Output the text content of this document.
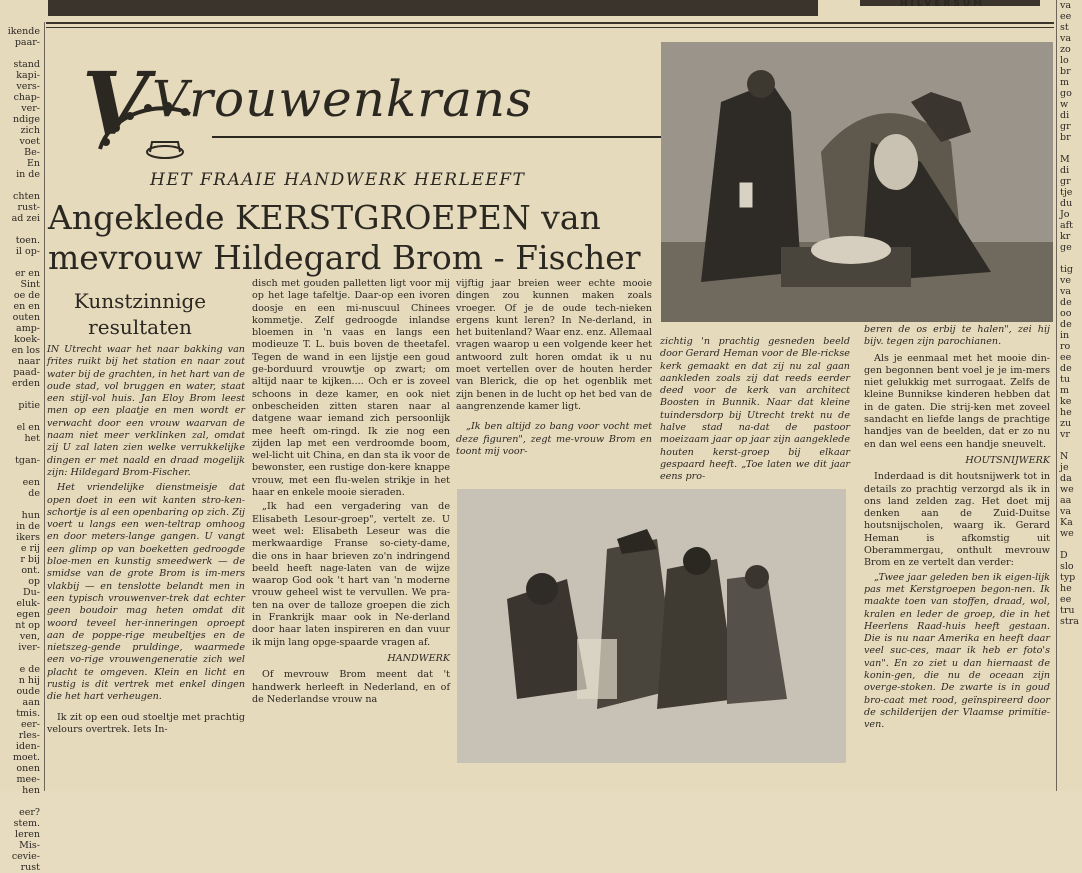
HILVERSUM

ikende

paar-

stand

kapi-

vers-

chap-

ver-

ndige

zich

voet

Be-

En

in de

chten

rust-

ad zei

toen.

il op-

er en

Sint

oe de

en en

outen

amp-

koek-

en los

naar

paad-

erden

pitie

el en

het

tgan-

een

de

hun

in de

ikers

e rij

r bij

ont.

op

Du-

eluk-

egen

nt op

ven,

iver-

e de

n hij

oude

aan

tmis.

eer-

rles-

iden-

moet.

onen

mee-

hen

eer?

stem.

leren

Mis-

cevie-

rust

va

ee

st

va

zo

lo

br

m

go

w

di

gr

br

M

di

gr

tje

du

Jo

aft

kr

ge

tig

ve

va

de

oo

de

in

ro

ee

de

tu

m

ke

he

zu

vr

N

je

da

we

aa

va

Ka

we

D

slo

typ

he

ee

tru

stra

V Vrouwenkrans
HET FRAAIE HANDWERK HERLEEFT
Angeklede KERSTGROEPEN van
mevrouw Hildegard Brom - Fischer
Kunstzinnige resultaten

IN Utrecht waar het naar bakking van frites ruikt bij het station en naar zout water bij de grachten, in het hart van de oude stad, vol bruggen en water, staat een stijl-vol huis. Jan Eloy Brom leest men op een plaatje en men wordt er verwacht door een vrouw waarvan de naam niet meer verklinken zal, omdat zij U zal laten zien welke verrukkelijke dingen er met naald en draad mogelijk zijn: Hildegard Brom-Fischer.

Het vriendelijke dienstmeisje dat open doet in een wit kanten stro-ken-schortje is al een openbaring op zich. Zij voert u langs een wen-teltrap omhoog en door meters-lange gangen. U vangt een glimp op van boeketten gedroogde bloe-men en kunstig smeedwerk — de smidse van de grote Brom is im-mers vlakbij — en tenslotte belandt men in een typisch vrouwenver-trek dat echter geen boudoir mag heten omdat dit woord teveel her-inneringen oproept aan de poppe-rige meubeltjes en de nietszeg-gende pruldinge, waarmede een vo-rige vrouwengeneratie zich wel placht te omgeven. Klein en licht en rustig is dit vertrek met enkel dingen die het hart verheugen.

Ik zit op een oud stoeltje met prachtig velours overtrek. Iets In-

disch met gouden palletten ligt voor mij op het lage tafeltje. Daar-op een ivoren doosje en een mi-nuscuul Chinees kommetje. Zelf gedroogde inlandse bloemen in 'n vaas en langs een modieuze T. L. buis boven de theetafel. Tegen de wand in een lijstje een goud ge-borduurd vrouwtje op zwart; om altijd naar te kijken.... Och er is zoveel schoons in deze kamer, en ook niet onbescheiden zitten staren naar al datgene waar iemand zich persoonlijk mee heeft om-ringd. Ik zie nog een zijden lap met een verdroomde boom, wel-licht uit China, en dan sta ik voor de bewonster, een rustige don-kere knappe vrouw, met een flu-welen strikje in het haar en enkele mooie sieraden.

„Ik had een vergadering van de Elisabeth Lesour-groep", vertelt ze. U weet wel: Elisabeth Leseur was die merkwaardige Franse so-ciety-dame, die ons in haar brieven zo'n indringend beeld heeft nage-laten van de wijze waarop God ook 't hart van 'n moderne vrouw geheel wist te vervullen. We pra-ten na over de talloze groepen die zich in Frankrijk maar ook in Ne-derland door haar laten inspireren en dan vuur ik mijn lang opge-spaarde vragen af.

HANDWERK

Of mevrouw Brom meent dat 't handwerk herleeft in Nederland, en of de Nederlandse vrouw na

vijftig jaar breien weer echte mooie dingen zou kunnen maken zoals vroeger. Of je de oude tech-nieken ergens kunt leren? In Ne-derland, in het buitenland? Waar enz. enz. Allemaal vragen waarop u een volgende keer het antwoord zult horen omdat ik u nu moet vertellen over de houten herder van Blerick, die op het ogenblik met zijn benen in de lucht op het bed van de aangrenzende kamer ligt.

„Ik ben altijd zo bang voor vocht met deze figuren", zegt me-vrouw Brom en toont mij voor-

zichtig 'n prachtig gesneden beeld door Gerard Heman voor de Ble-rickse kerk gemaakt en dat zij nu zal gaan aankleden zoals zij dat reeds eerder deed voor de kerk van architect Boosten in Bunnik. Naar dat kleine tuindersdorp bij Utrecht trekt nu de halve stad na-dat de pastoor moeizaam jaar op jaar zijn aangeklede houten kerst-groep bij elkaar gespaard heeft. „Toe laten we dit jaar eens pro-

beren de os erbij te halen", zei hij bijv. tegen zijn parochianen.

Als je eenmaal met het mooie din-gen begonnen bent voel je je im-mers niet gelukkig met surrogaat. Zelfs de kleine Bunnikse kinderen hebben dat in de gaten. Die strij-ken met zoveel sandacht en liefde langs de prachtige handjes van de beelden, dat er zo nu en dan wel eens een handje sneuvelt.

HOUTSNIJWERK

Inderdaad is dit houtsnijwerk tot in details zo prachtig verzorgd als ik in ons land zelden zag. Het doet mij denken aan de Zuid-Duitse houtsnijscholen, waarg ik. Gerard Heman is afkomstig uit Oberammergau, onthult mevrouw Brom en ze vertelt dan verder:

„Twee jaar geleden ben ik eigen-lijk pas met Kerstgroepen begon-nen. Ik maakte toen van stoffen, draad, wol, kralen en leder de groep, die in het Heerlens Raad-huis heeft gestaan. Die is nu naar Amerika en heeft daar veel suc-ces, maar ik heb er foto's van". En zo ziet u dan hiernaast de konin-gen, die nu de oceaan zijn overge-stoken. De zwarte is in goud bro-caat met rood, geïnspireerd door de schilderijen der Vlaamse primitie-ven.
